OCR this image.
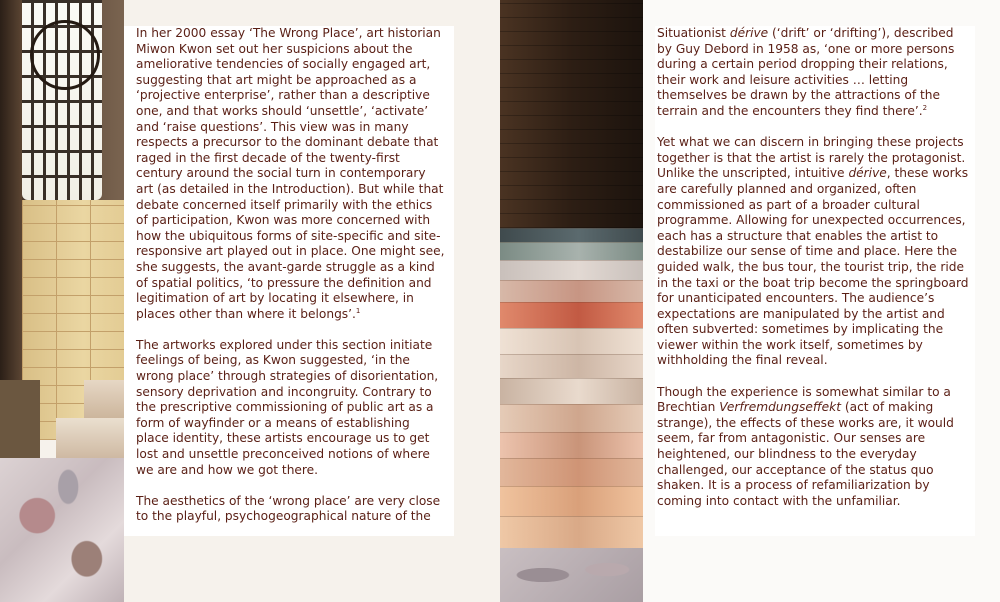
In her 2000 essay ‘The Wrong Place’, art historian Miwon Kwon set out her suspicions about the ameliorative tendencies of socially engaged art, suggesting that art might be approached as a ‘projective enterprise’, rather than a descriptive one, and that works should ‘unsettle’, ‘activate’ and ‘raise questions’. This view was in many respects a precursor to the dominant debate that raged in the first decade of the twenty-first century around the social turn in contemporary art (as detailed in the Introduction). But while that debate concerned itself primarily with the ethics of participation, Kwon was more concerned with how the ubiquitous forms of site-specific and site-responsive art played out in place. One might see, she suggests, the avant-garde struggle as a kind of spatial politics, ‘to pressure the definition and legitimation of art by locating it elsewhere, in places other than where it belongs’.$^1$

The artworks explored under this section initiate feelings of being, as Kwon suggested, ‘in the wrong place’ through strategies of disorientation, sensory deprivation and incongruity. Contrary to the prescriptive commissioning of public art as a form of wayfinder or a means of establishing place identity, these artists encourage us to get lost and unsettle preconceived notions of where we are and how we got there.

The aesthetics of the ‘wrong place’ are very close to the playful, psychogeographical nature of the

Situationist dérive (‘drift’ or ‘drifting’), described by Guy Debord in 1958 as, ‘one or more persons during a certain period dropping their relations, their work and leisure activities … letting themselves be drawn by the attractions of the terrain and the encounters they find there’.$^2$

Yet what we can discern in bringing these projects together is that the artist is rarely the protagonist. Unlike the unscripted, intuitive dérive, these works are carefully planned and organized, often commissioned as part of a broader cultural programme. Allowing for unexpected occurrences, each has a structure that enables the artist to destabilize our sense of time and place. Here the guided walk, the bus tour, the tourist trip, the ride in the taxi or the boat trip become the springboard for unanticipated encounters. The audience’s expectations are manipulated by the artist and often subverted: sometimes by implicating the viewer within the work itself, sometimes by withholding the final reveal.

Though the experience is somewhat similar to a Brechtian Verfremdungseffekt (act of making strange), the effects of these works are, it would seem, far from antagonistic. Our senses are heightened, our blindness to the everyday challenged, our acceptance of the status quo shaken. It is a process of refamiliarization by coming into contact with the unfamiliar.
